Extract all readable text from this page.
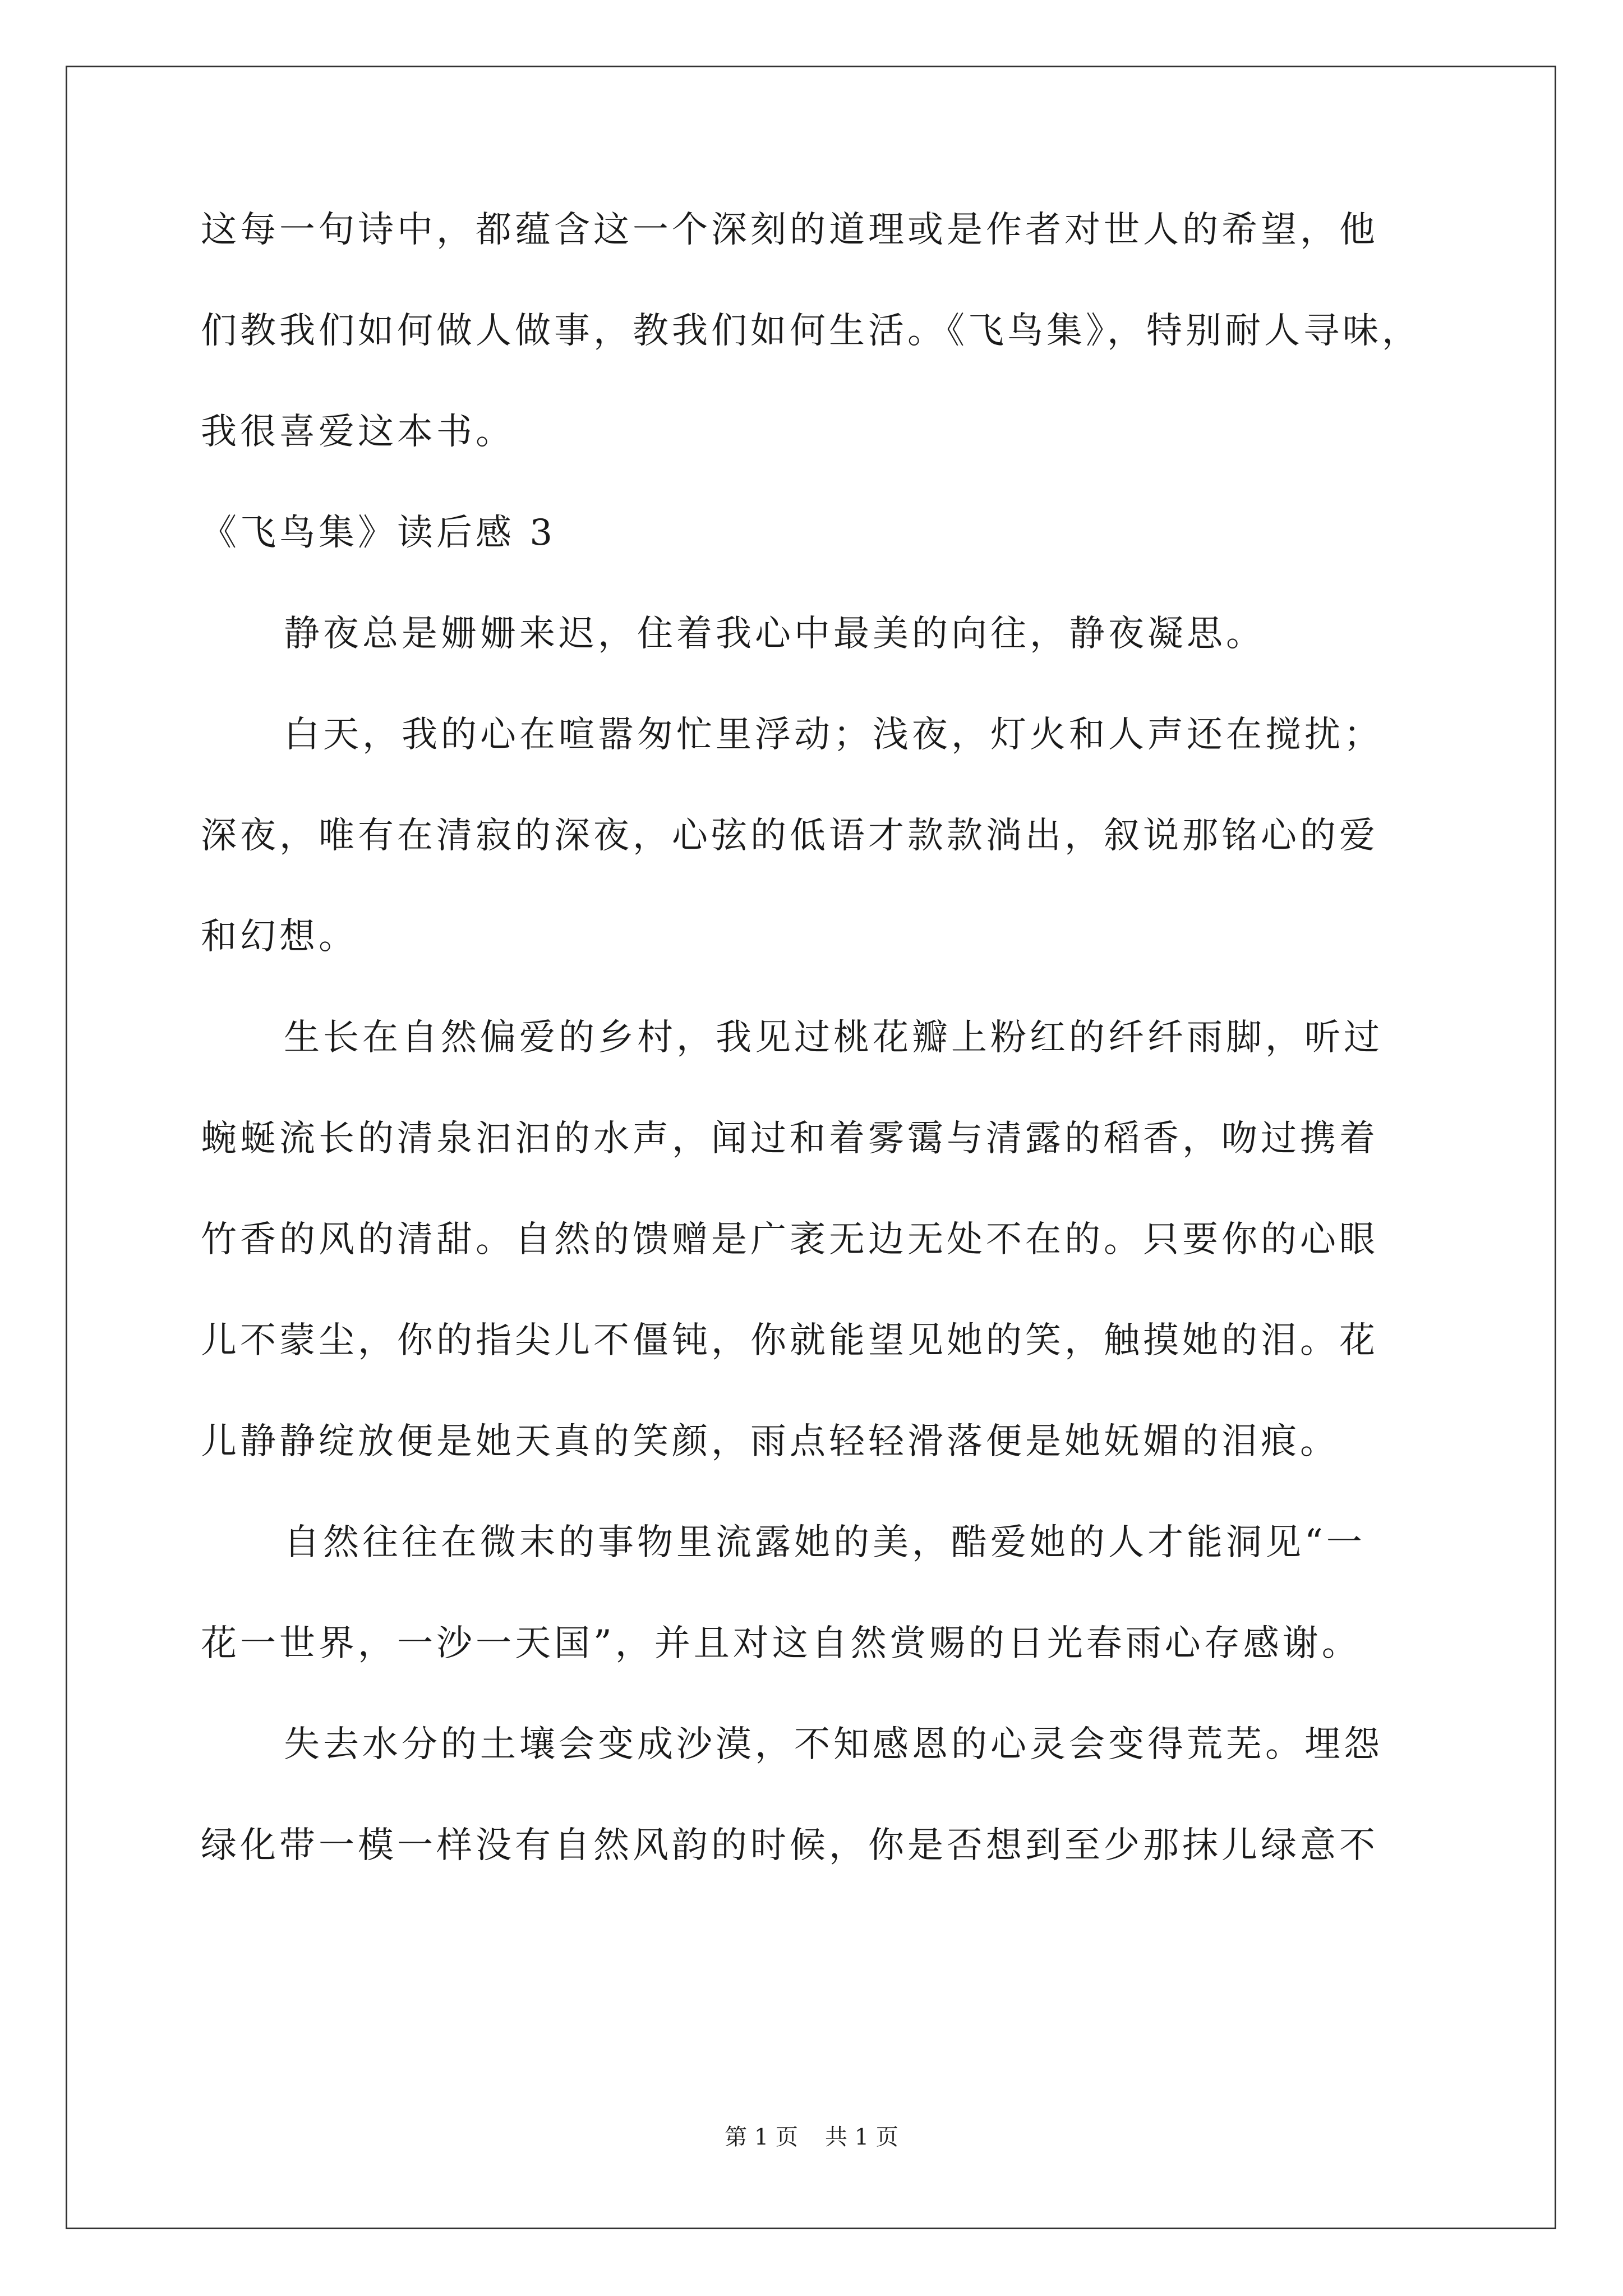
这每一句诗中，都蕴含这一个深刻的道理或是作者对世人的希望，他
们教我们如何做人做事，教我们如何生活。《飞鸟集》，特别耐人寻味，
我很喜爱这本书。
《飞鸟集》读后感 3
静夜总是姗姗来迟，住着我心中最美的向往，静夜凝思。
白天，我的心在喧嚣匆忙里浮动；浅夜，灯火和人声还在搅扰；
深夜，唯有在清寂的深夜，心弦的低语才款款淌出，叙说那铭心的爱
和幻想。
生长在自然偏爱的乡村，我见过桃花瓣上粉红的纤纤雨脚，听过
蜿蜒流长的清泉汩汩的水声，闻过和着雾霭与清露的稻香，吻过携着
竹香的风的清甜。自然的馈赠是广袤无边无处不在的。只要你的心眼
儿不蒙尘，你的指尖儿不僵钝，你就能望见她的笑，触摸她的泪。花
儿静静绽放便是她天真的笑颜，雨点轻轻滑落便是她妩媚的泪痕。
自然往往在微末的事物里流露她的美，酷爱她的人才能洞见“一
花一世界，一沙一天国”，并且对这自然赏赐的日光春雨心存感谢。
失去水分的土壤会变成沙漠，不知感恩的心灵会变得荒芜。埋怨
绿化带一模一样没有自然风韵的时候，你是否想到至少那抹儿绿意不
第 1 页 共 1 页
